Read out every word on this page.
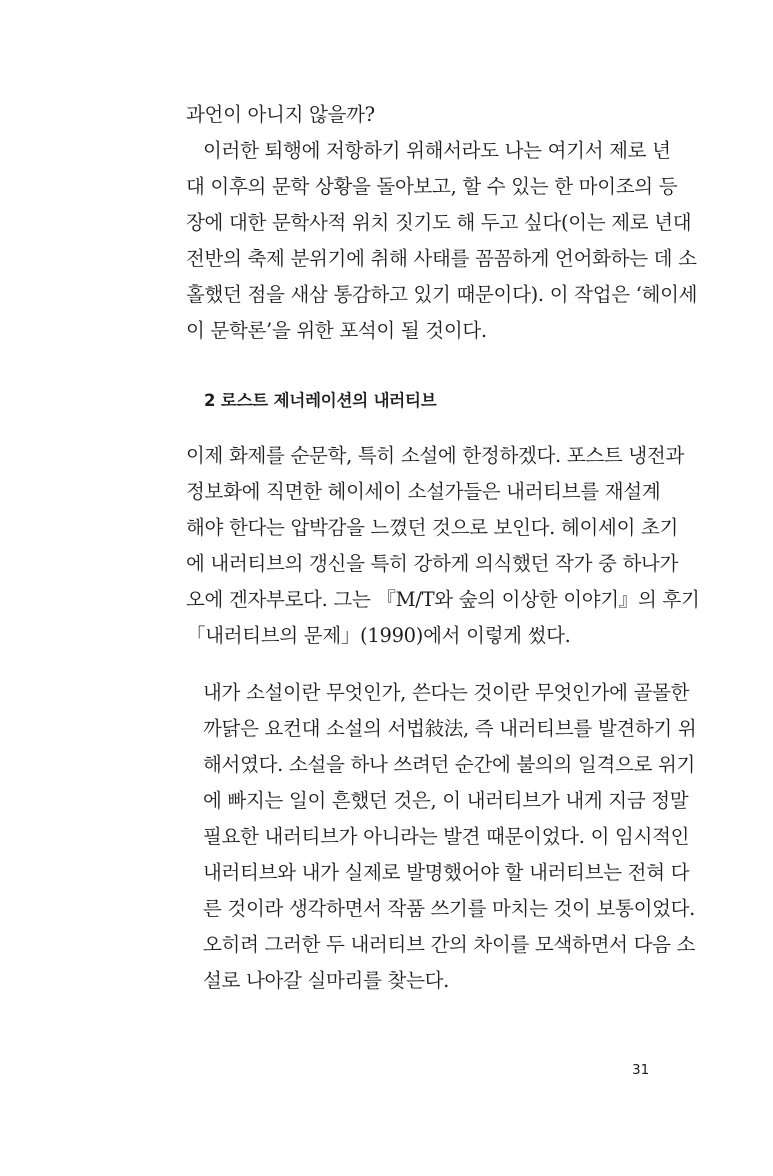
과언이 아니지 않을까?
이러한 퇴행에 저항하기 위해서라도 나는 여기서 제로 년
대 이후의 문학 상황을 돌아보고, 할 수 있는 한 마이조의 등
장에 대한 문학사적 위치 짓기도 해 두고 싶다(이는 제로 년대
전반의 축제 분위기에 취해 사태를 꼼꼼하게 언어화하는 데 소
홀했던 점을 새삼 통감하고 있기 때문이다). 이 작업은 ‘헤이세
이 문학론’을 위한 포석이 될 것이다.
2 로스트 제너레이션의 내러티브
이제 화제를 순문학, 특히 소설에 한정하겠다. 포스트 냉전과
정보화에 직면한 헤이세이 소설가들은 내러티브를 재설계
해야 한다는 압박감을 느꼈던 것으로 보인다. 헤이세이 초기
에 내러티브의 갱신을 특히 강하게 의식했던 작가 중 하나가
오에 겐자부로다. 그는 『M/T와 숲의 이상한 이야기』의 후기
「내러티브의 문제」(1990)에서 이렇게 썼다.
내가 소설이란 무엇인가, 쓴다는 것이란 무엇인가에 골몰한
까닭은 요컨대 소설의 서법敍法, 즉 내러티브를 발견하기 위
해서였다. 소설을 하나 쓰려던 순간에 불의의 일격으로 위기
에 빠지는 일이 흔했던 것은, 이 내러티브가 내게 지금 정말
필요한 내러티브가 아니라는 발견 때문이었다. 이 임시적인
내러티브와 내가 실제로 발명했어야 할 내러티브는 전혀 다
른 것이라 생각하면서 작품 쓰기를 마치는 것이 보통이었다.
오히려 그러한 두 내러티브 간의 차이를 모색하면서 다음 소
설로 나아갈 실마리를 찾는다.
31
